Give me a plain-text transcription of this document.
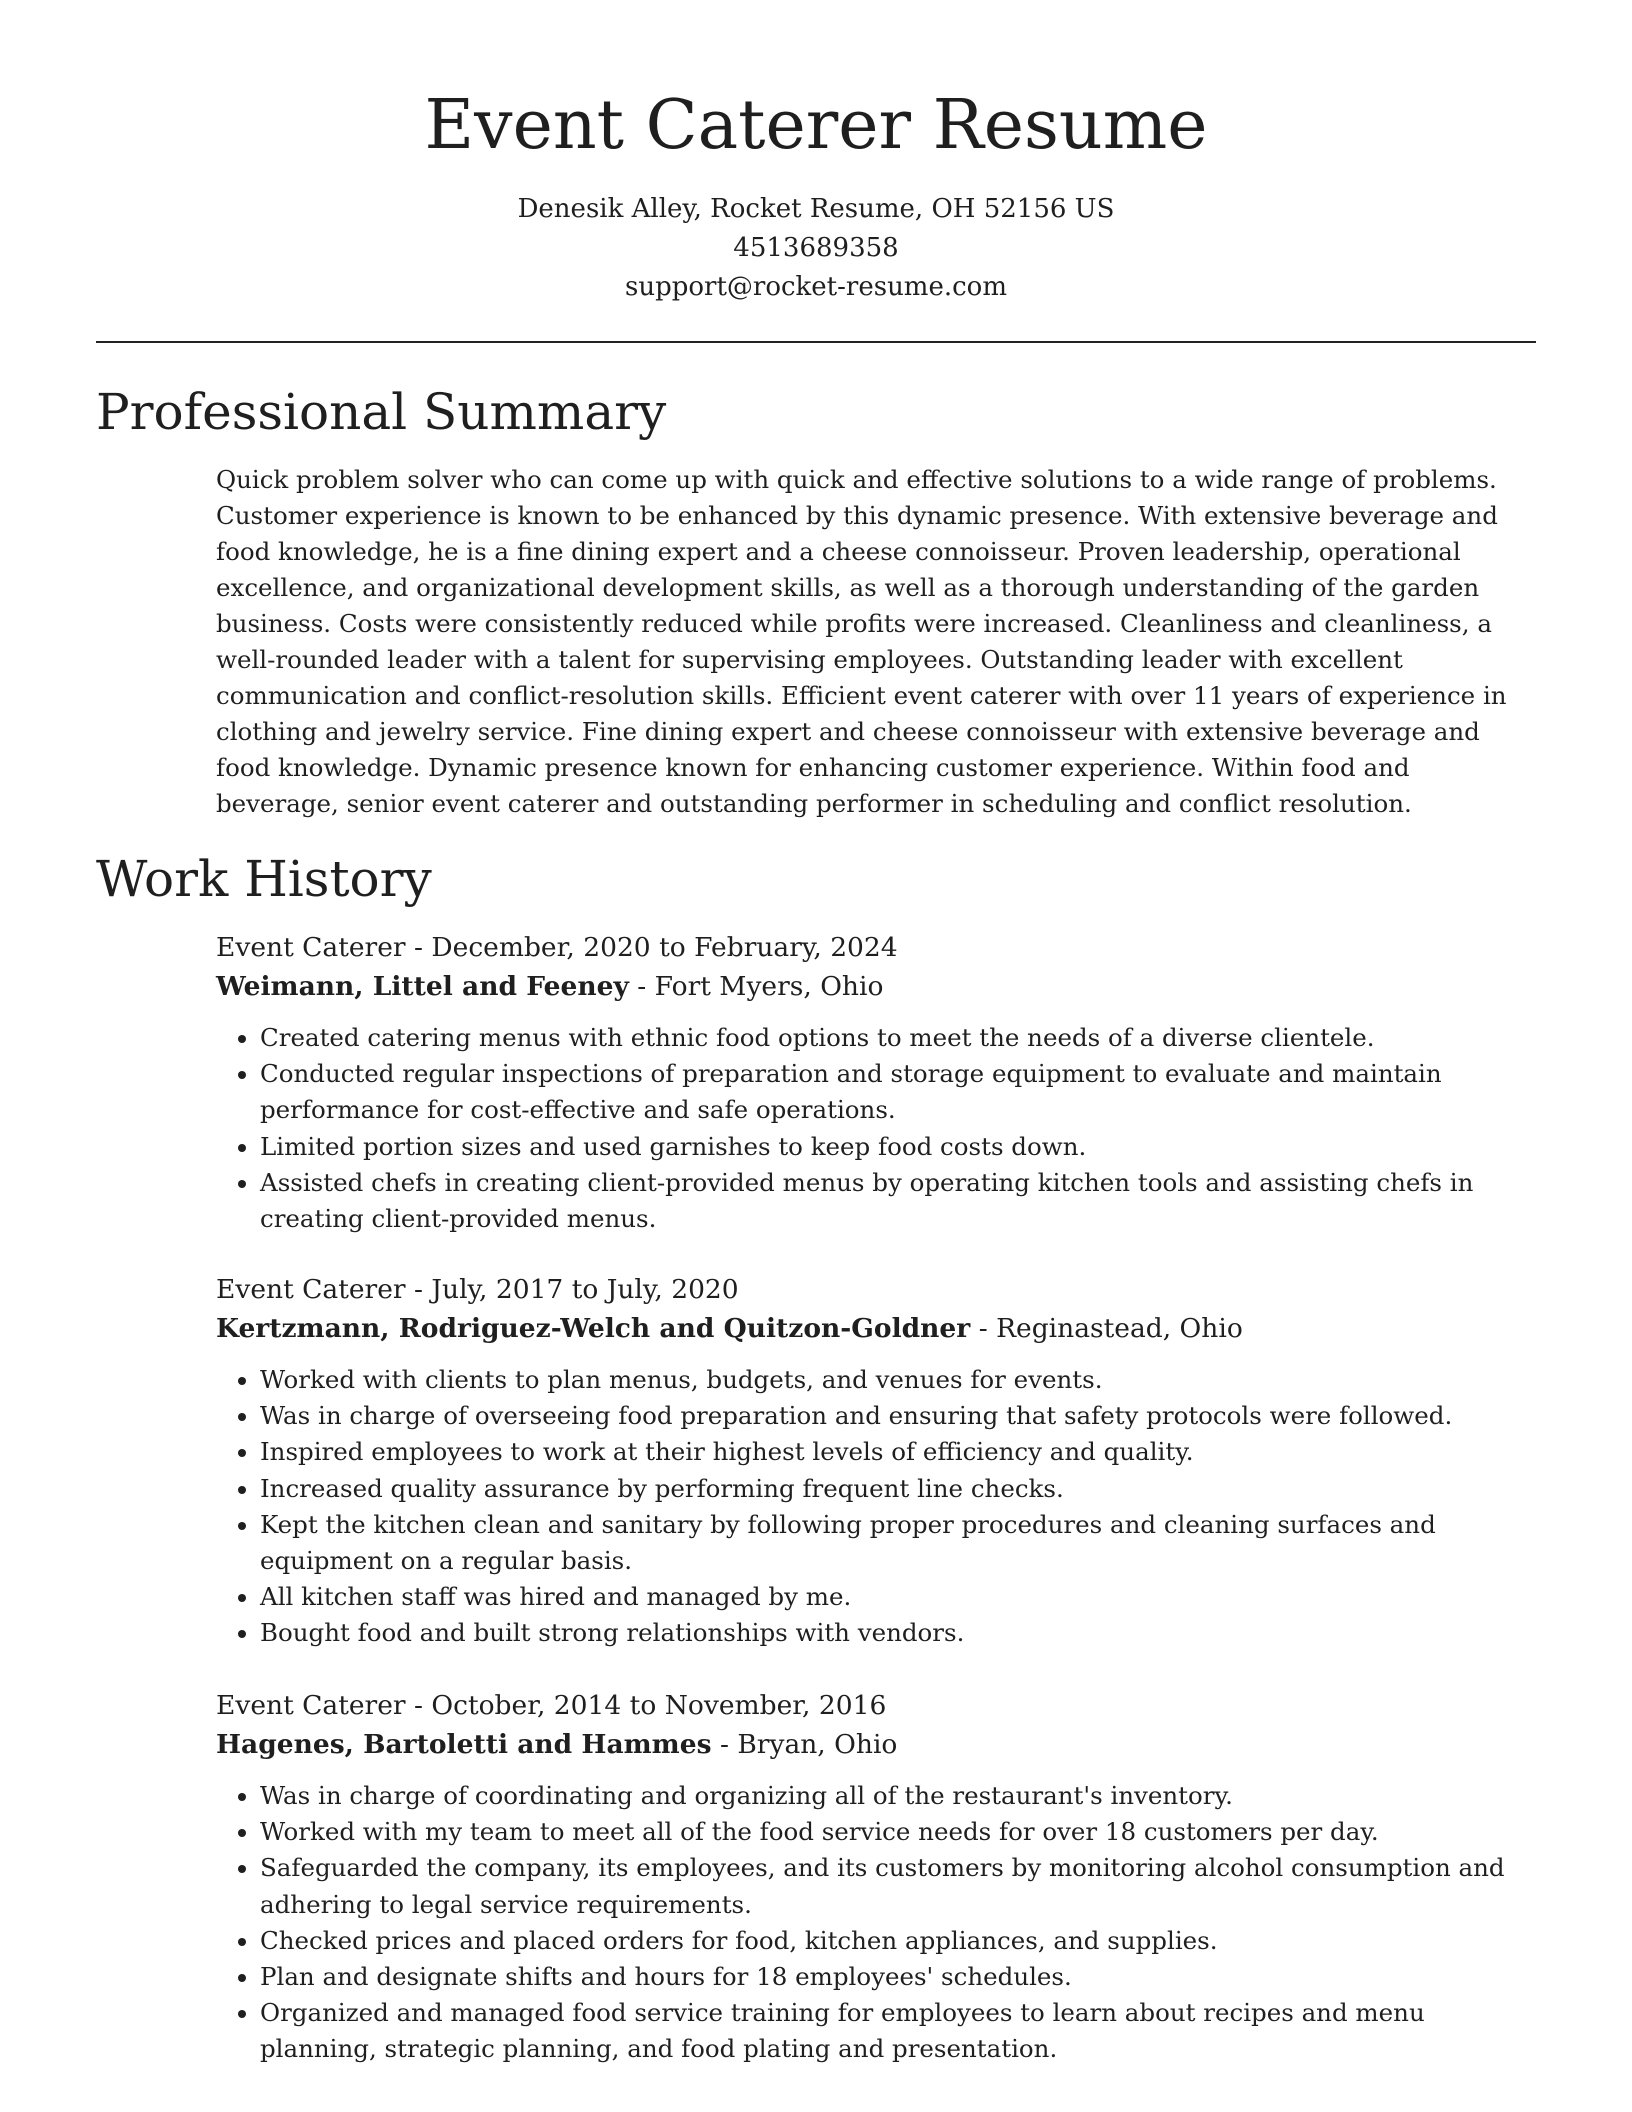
Event Caterer Resume
Denesik Alley, Rocket Resume, OH 52156 US
4513689358
support@rocket-resume.com
Professional Summary

Quick problem solver who can come up with quick and effective solutions to a wide range of problems. Customer experience is known to be enhanced by this dynamic presence. With extensive beverage and food knowledge, he is a fine dining expert and a cheese connoisseur. Proven leadership, operational excellence, and organizational development skills, as well as a thorough understanding of the garden business. Costs were consistently reduced while profits were increased. Cleanliness and cleanliness, a well-rounded leader with a talent for supervising employees. Outstanding leader with excellent communication and conflict-resolution skills. Efficient event caterer with over 11 years of experience in clothing and jewelry service. Fine dining expert and cheese connoisseur with extensive beverage and food knowledge. Dynamic presence known for enhancing customer experience. Within food and beverage, senior event caterer and outstanding performer in scheduling and conflict resolution.

Work History

Event Caterer - December, 2020 to February, 2024

Weimann, Littel and Feeney - Fort Myers, Ohio

• Created catering menus with ethnic food options to meet the needs of a diverse clientele.
• Conducted regular inspections of preparation and storage equipment to evaluate and maintain performance for cost-effective and safe operations.
• Limited portion sizes and used garnishes to keep food costs down.
• Assisted chefs in creating client-provided menus by operating kitchen tools and assisting chefs in creating client-provided menus.

Event Caterer - July, 2017 to July, 2020

Kertzmann, Rodriguez-Welch and Quitzon-Goldner - Reginastead, Ohio

• Worked with clients to plan menus, budgets, and venues for events.
• Was in charge of overseeing food preparation and ensuring that safety protocols were followed.
• Inspired employees to work at their highest levels of efficiency and quality.
• Increased quality assurance by performing frequent line checks.
• Kept the kitchen clean and sanitary by following proper procedures and cleaning surfaces and equipment on a regular basis.
• All kitchen staff was hired and managed by me.
• Bought food and built strong relationships with vendors.

Event Caterer - October, 2014 to November, 2016

Hagenes, Bartoletti and Hammes - Bryan, Ohio

• Was in charge of coordinating and organizing all of the restaurant's inventory.
• Worked with my team to meet all of the food service needs for over 18 customers per day.
• Safeguarded the company, its employees, and its customers by monitoring alcohol consumption and adhering to legal service requirements.
• Checked prices and placed orders for food, kitchen appliances, and supplies.
• Plan and designate shifts and hours for 18 employees' schedules.
• Organized and managed food service training for employees to learn about recipes and menu planning, strategic planning, and food plating and presentation.
